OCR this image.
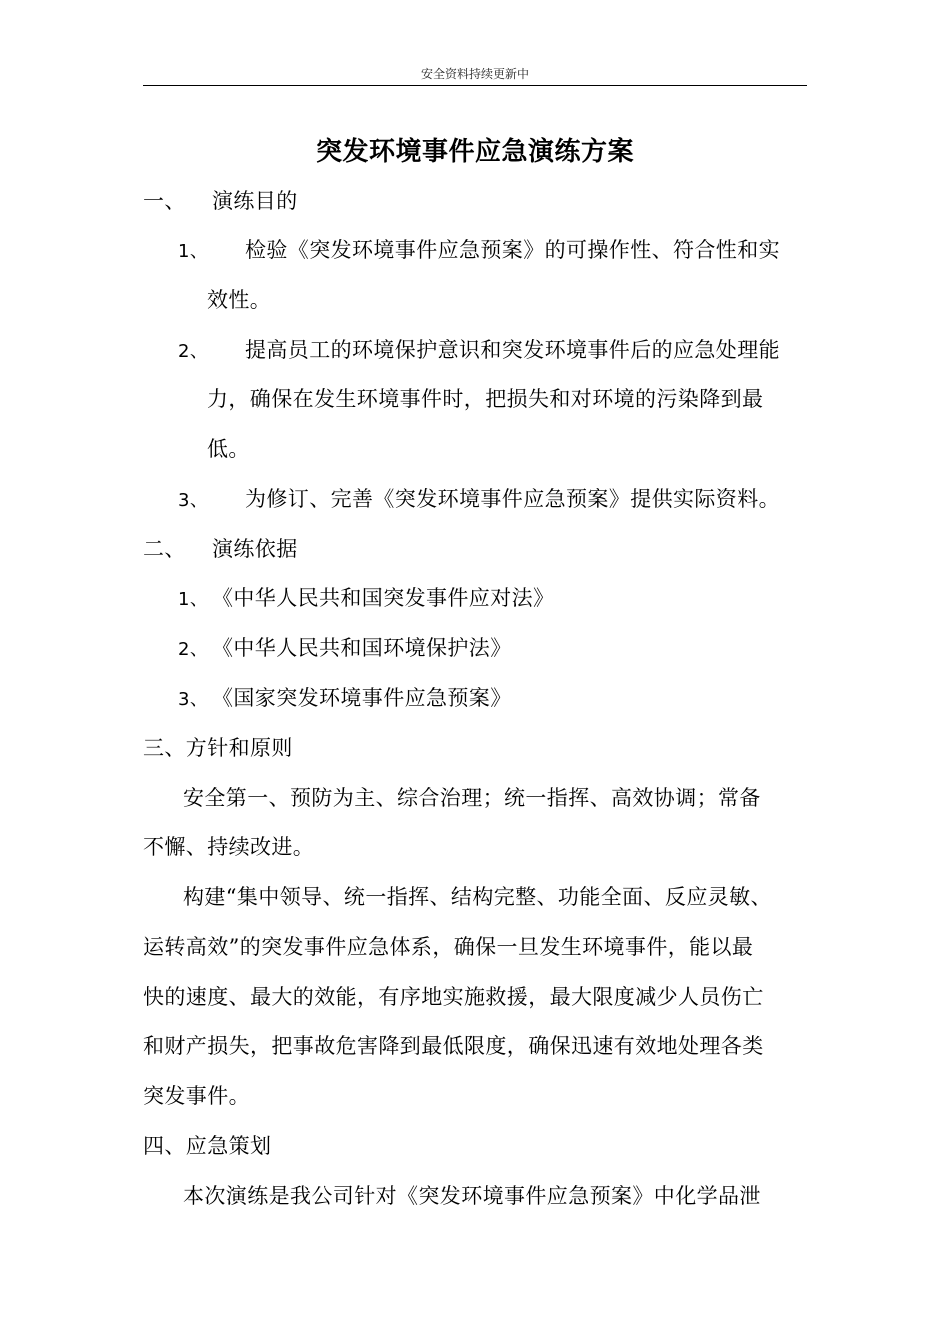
安全资料持续更新中
突发环境事件应急演练方案
一、 演练目的
1、 检验《突发环境事件应急预案》的可操作性、符合性和实
效性。
2、 提高员工的环境保护意识和突发环境事件后的应急处理能
力，确保在发生环境事件时，把损失和对环境的污染降到最
低。
3、 为修订、完善《突发环境事件应急预案》提供实际资料。
二、 演练依据
1、 《中华人民共和国突发事件应对法》
2、 《中华人民共和国环境保护法》
3、 《国家突发环境事件应急预案》
三、方针和原则
安全第一、预防为主、综合治理；统一指挥、高效协调；常备
不懈、持续改进。
构建“集中领导、统一指挥、结构完整、功能全面、反应灵敏、
运转高效”的突发事件应急体系，确保一旦发生环境事件，能以最
快的速度、最大的效能，有序地实施救援，最大限度减少人员伤亡
和财产损失，把事故危害降到最低限度，确保迅速有效地处理各类
突发事件。
四、应急策划
本次演练是我公司针对《突发环境事件应急预案》中化学品泄
